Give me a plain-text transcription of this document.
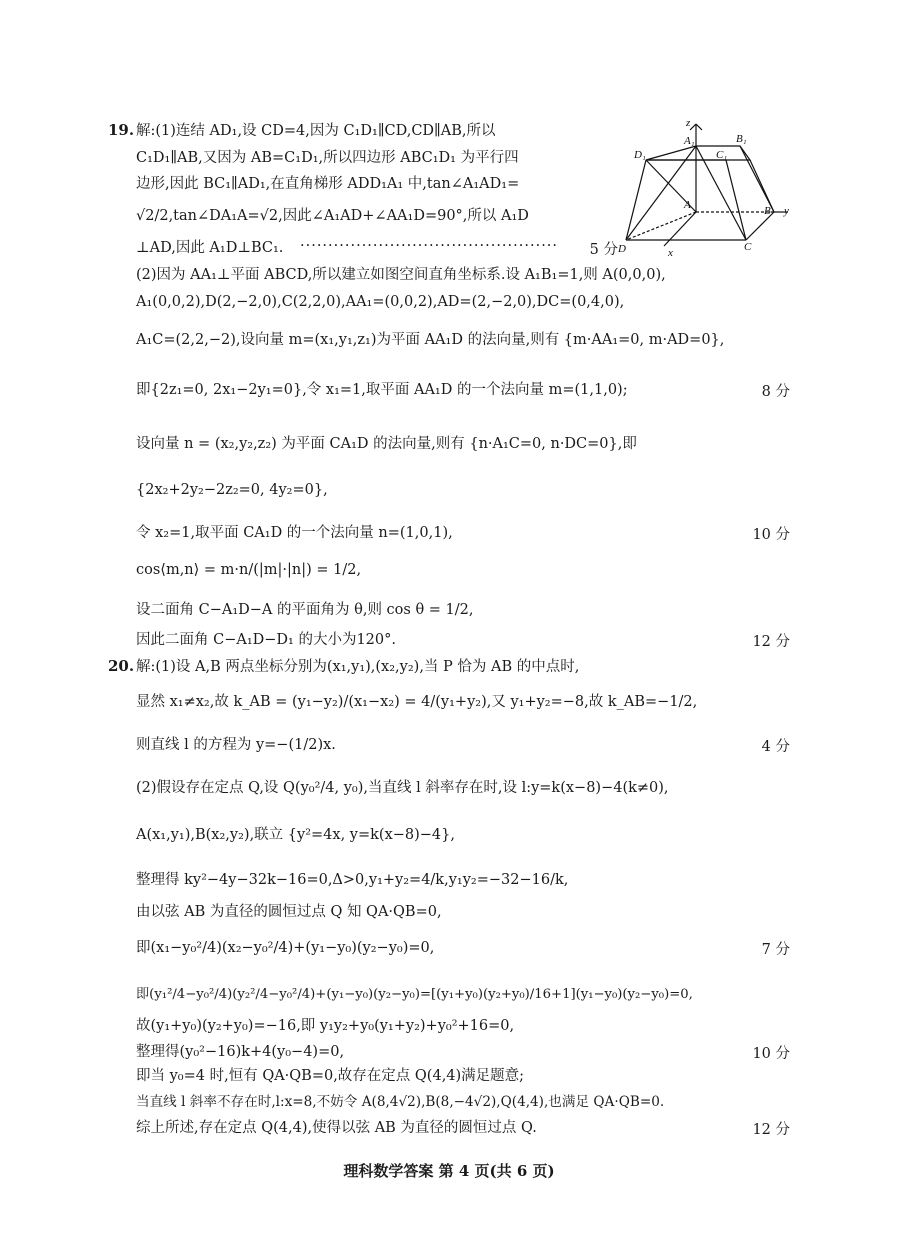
19. 解:(1)连结 AD₁,设 CD=4,因为 C₁D₁∥CD,CD∥AB,所以
C₁D₁∥AB,又因为 AB=C₁D₁,所以四边形 ABC₁D₁ 为平行四
边形,因此 BC₁∥AD₁,在直角梯形 ADD₁A₁ 中,tan∠A₁AD₁=
√2/2,tan∠DA₁A=√2,因此∠A₁AD+∠AA₁D=90°,所以 A₁D
⊥AD,因此 A₁D⊥BC₁. ··············································	5 分
(2)因为 AA₁⊥平面 ABCD,所以建立如图空间直角坐标系.设 A₁B₁=1,则 A(0,0,0),
A₁(0,0,2),D(2,−2,0),C(2,2,0),AA₁=(0,0,2),AD=(2,−2,0),DC=(0,4,0),
A₁C=(2,2,−2),设向量 m=(x₁,y₁,z₁)为平面 AA₁D 的法向量,则有 {m·AA₁=0, m·AD=0},
即{2z₁=0, 2x₁−2y₁=0},令 x₁=1,取平面 AA₁D 的一个法向量 m=(1,1,0);	8 分
设向量 n = (x₂,y₂,z₂) 为平面 CA₁D 的法向量,则有 {n·A₁C=0, n·DC=0},即
{2x₂+2y₂−2z₂=0, 4y₂=0},
令 x₂=1,取平面 CA₁D 的一个法向量 n=(1,0,1),	10 分
cos⟨m,n⟩ = m·n/(|m|·|n|) = 1/2,
设二面角 C−A₁D−A 的平面角为 θ,则 cos θ = 1/2,
因此二面角 C−A₁D−D₁ 的大小为120°.	12 分
z
A₁	B₁
D₁	C₁
A	B y
D	C
x
20. 解:(1)设 A,B 两点坐标分别为(x₁,y₁),(x₂,y₂),当 P 恰为 AB 的中点时,
显然 x₁≠x₂,故 k_AB = (y₁−y₂)/(x₁−x₂) = 4/(y₁+y₂),又 y₁+y₂=−8,故 k_AB=−1/2,
则直线 l 的方程为 y=−(1/2)x.	4 分
(2)假设存在定点 Q,设 Q(y₀²/4, y₀),当直线 l 斜率存在时,设 l:y=k(x−8)−4(k≠0),
A(x₁,y₁),B(x₂,y₂),联立 {y²=4x, y=k(x−8)−4},
整理得 ky²−4y−32k−16=0,Δ>0,y₁+y₂=4/k,y₁y₂=−32−16/k,
由以弦 AB 为直径的圆恒过点 Q 知 QA·QB=0,
即(x₁−y₀²/4)(x₂−y₀²/4)+(y₁−y₀)(y₂−y₀)=0,	7 分
即(y₁²/4−y₀²/4)(y₂²/4−y₀²/4)+(y₁−y₀)(y₂−y₀)=[(y₁+y₀)(y₂+y₀)/16+1](y₁−y₀)(y₂−y₀)=0,
故(y₁+y₀)(y₂+y₀)=−16,即 y₁y₂+y₀(y₁+y₂)+y₀²+16=0,
整理得(y₀²−16)k+4(y₀−4)=0,	10 分
即当 y₀=4 时,恒有 QA·QB=0,故存在定点 Q(4,4)满足题意;
当直线 l 斜率不存在时,l:x=8,不妨令 A(8,4√2),B(8,−4√2),Q(4,4),也满足 QA·QB=0.
综上所述,存在定点 Q(4,4),使得以弦 AB 为直径的圆恒过点 Q.	12 分
理科数学答案 第 4 页(共 6 页)
